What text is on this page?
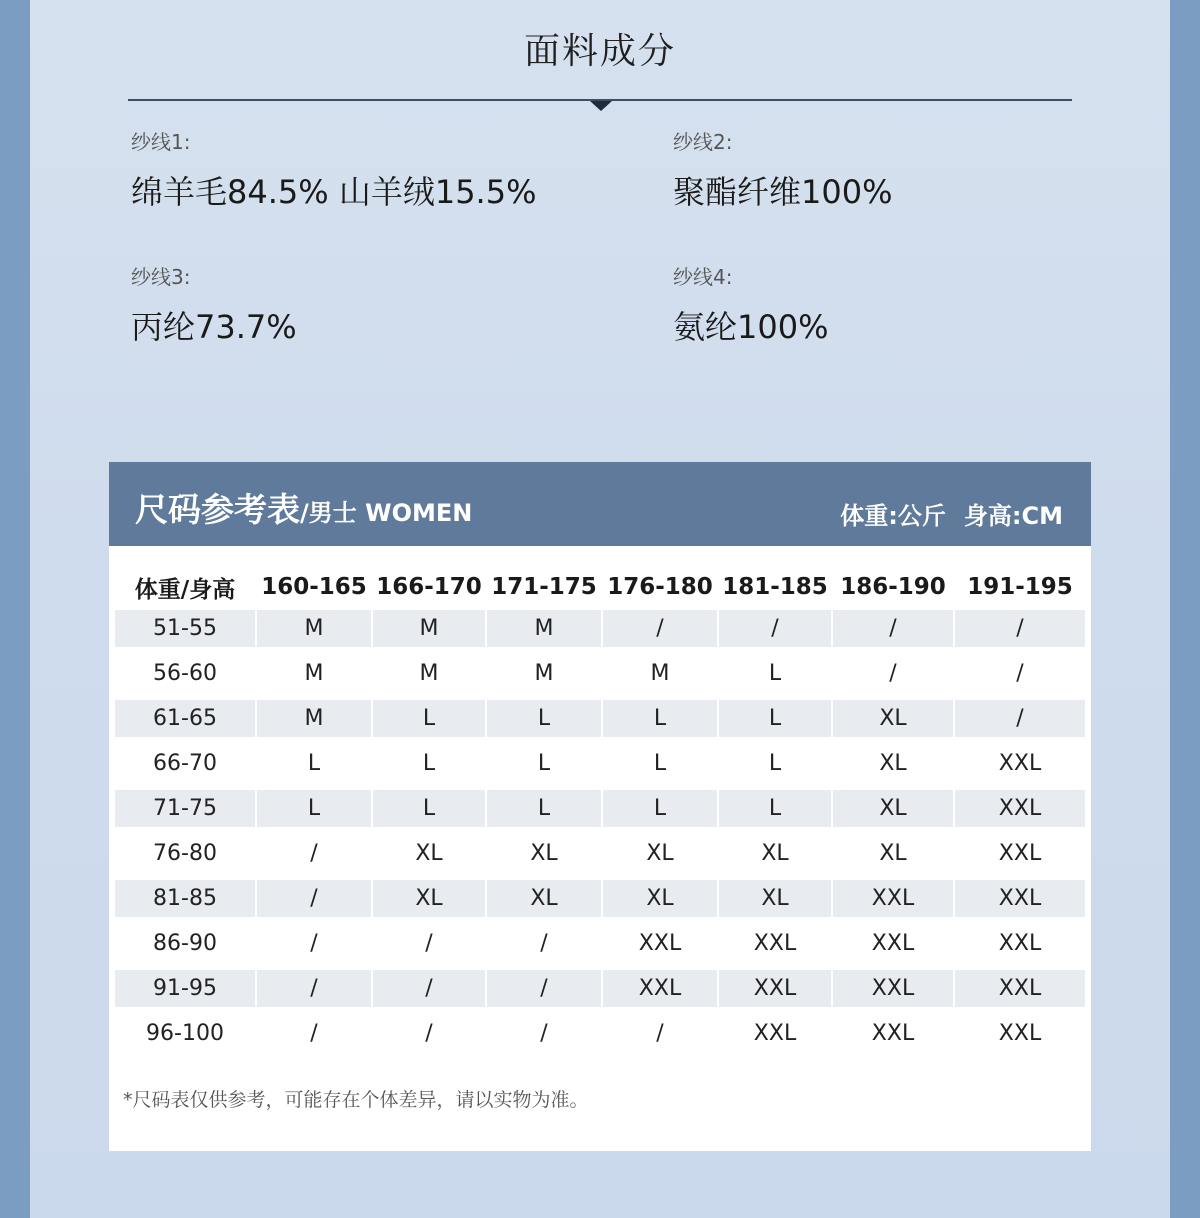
面料成分
纱线1:
绵羊毛84.5% 山羊绒15.5%
纱线2:
聚酯纤维100%
纱线3:
丙纶73.7%
纱线4:
氨纶100%
尺码参考表/男士 WOMEN	体重:公斤 身高:CM
体重/身高	160-165	166-170	171-175	176-180	181-185	186-190	191-195
51-55	M	M	M	/	/	/	/

56-60	M	M	M	M	L	/	/

61-65	M	L	L	L	L	XL	/

66-70	L	L	L	L	L	XL	XXL

71-75	L	L	L	L	L	XL	XXL

76-80	/	XL	XL	XL	XL	XL	XXL

81-85	/	XL	XL	XL	XL	XXL	XXL

86-90	/	/	/	XXL	XXL	XXL	XXL

91-95	/	/	/	XXL	XXL	XXL	XXL

96-100	/	/	/	/	XXL	XXL	XXL
*尺码表仅供参考，可能存在个体差异，请以实物为准。
